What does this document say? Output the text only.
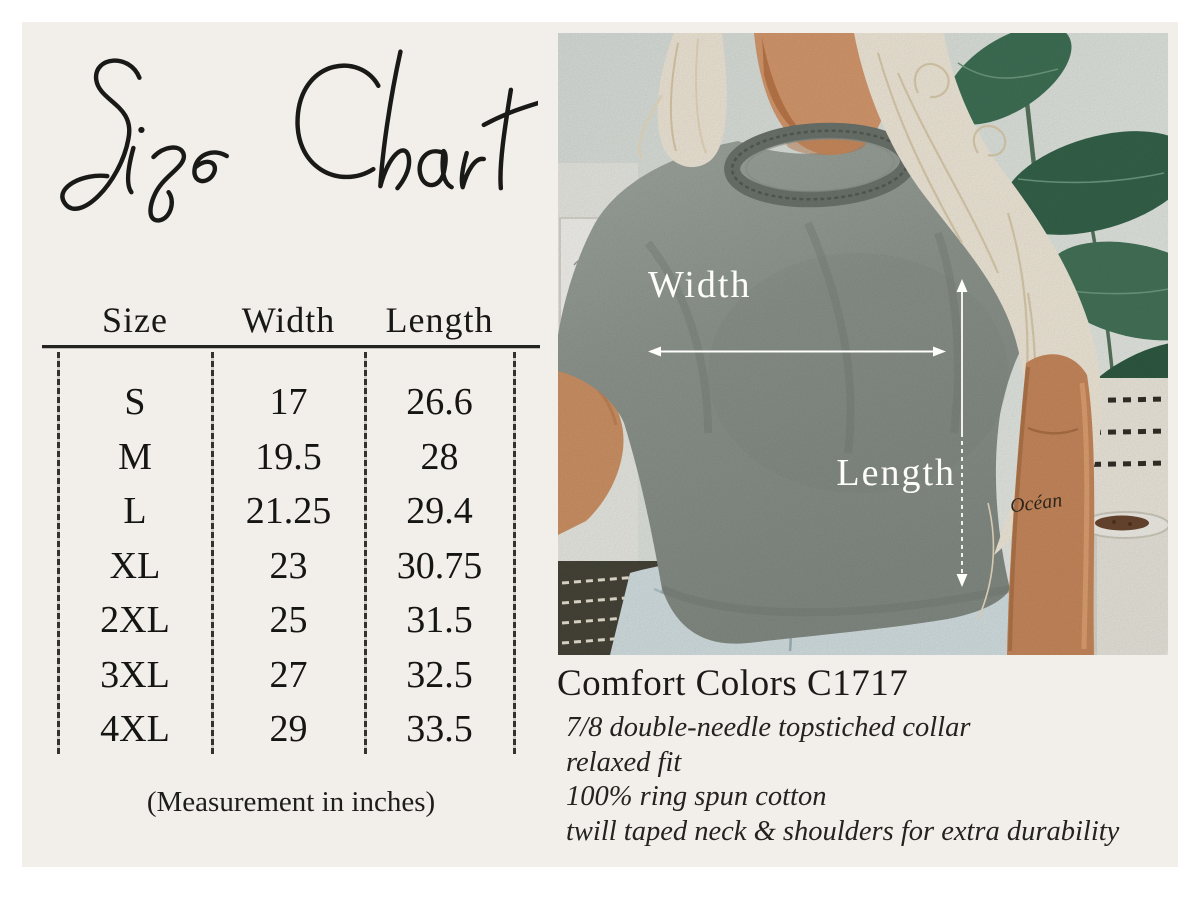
Size	Width	Length
S	17	26.6
M	19.5	28
L	21.25	29.4
XL	23	30.75
2XL	25	31.5
3XL	27	32.5
4XL	29	33.5
(Measurement in inches)
Océan
Width
Length
Comfort Colors C1717
7/8 double-needle topstiched collar
relaxed fit
100% ring spun cotton
twill taped neck & shoulders for extra durability
